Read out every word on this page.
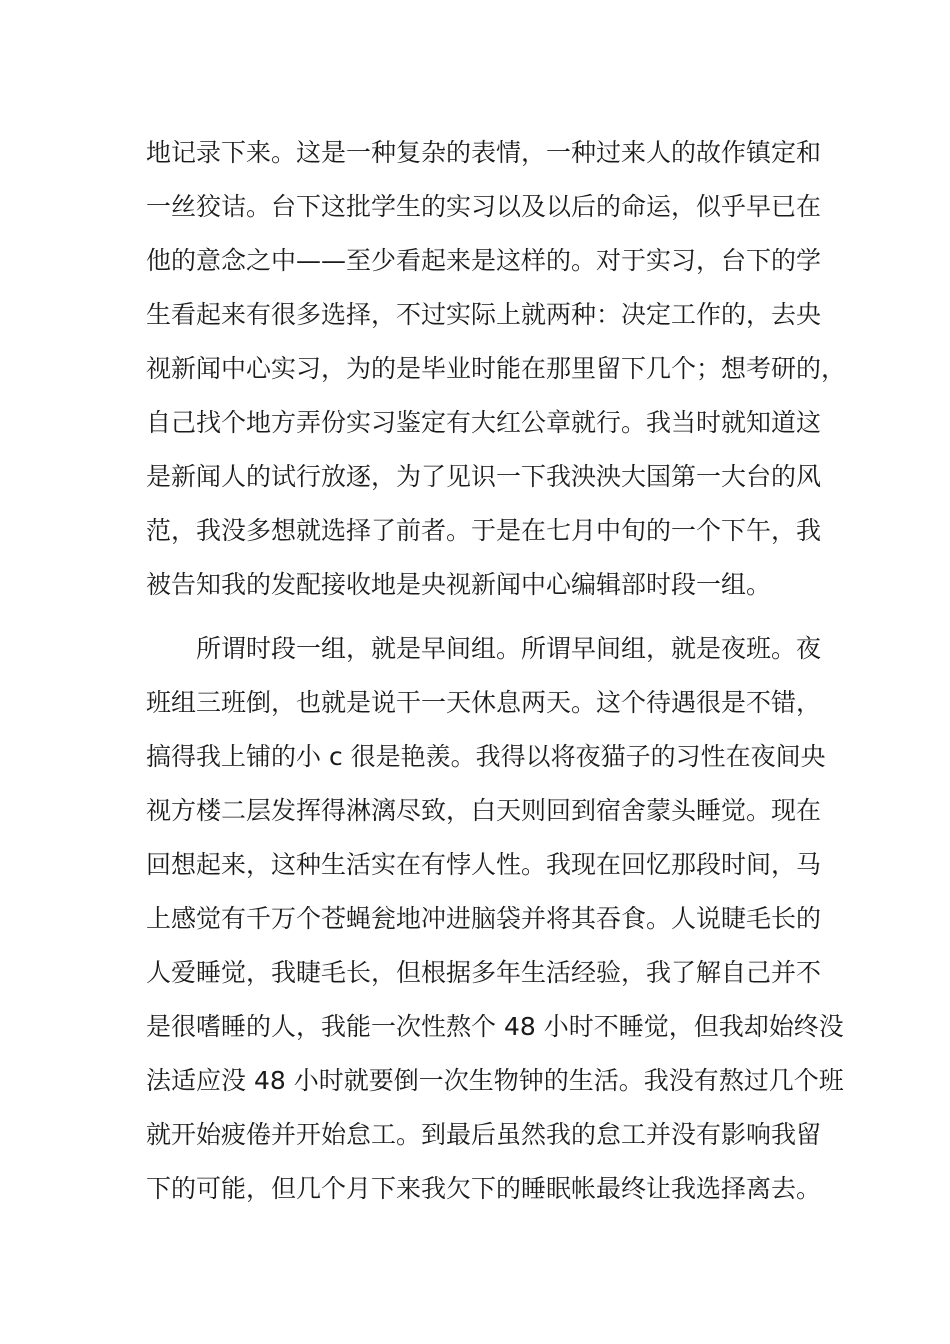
地记录下来。这是一种复杂的表情，一种过来人的故作镇定和
一丝狡诘。台下这批学生的实习以及以后的命运，似乎早已在
他的意念之中——至少看起来是这样的。对于实习，台下的学
生看起来有很多选择，不过实际上就两种：决定工作的，去央
视新闻中心实习，为的是毕业时能在那里留下几个；想考研的，
自己找个地方弄份实习鉴定有大红公章就行。我当时就知道这
是新闻人的试行放逐，为了见识一下我泱泱大国第一大台的风
范，我没多想就选择了前者。于是在七月中旬的一个下午，我
被告知我的发配接收地是央视新闻中心编辑部时段一组。
所谓时段一组，就是早间组。所谓早间组，就是夜班。夜
班组三班倒，也就是说干一天休息两天。这个待遇很是不错，
搞得我上铺的小 c 很是艳羡。我得以将夜猫子的习性在夜间央
视方楼二层发挥得淋漓尽致，白天则回到宿舍蒙头睡觉。现在
回想起来，这种生活实在有悖人性。我现在回忆那段时间，马
上感觉有千万个苍蝇瓮地冲进脑袋并将其吞食。人说睫毛长的
人爱睡觉，我睫毛长，但根据多年生活经验，我了解自己并不
是很嗜睡的人，我能一次性熬个 48 小时不睡觉，但我却始终没
法适应没 48 小时就要倒一次生物钟的生活。我没有熬过几个班
就开始疲倦并开始怠工。到最后虽然我的怠工并没有影响我留
下的可能，但几个月下来我欠下的睡眠帐最终让我选择离去。
